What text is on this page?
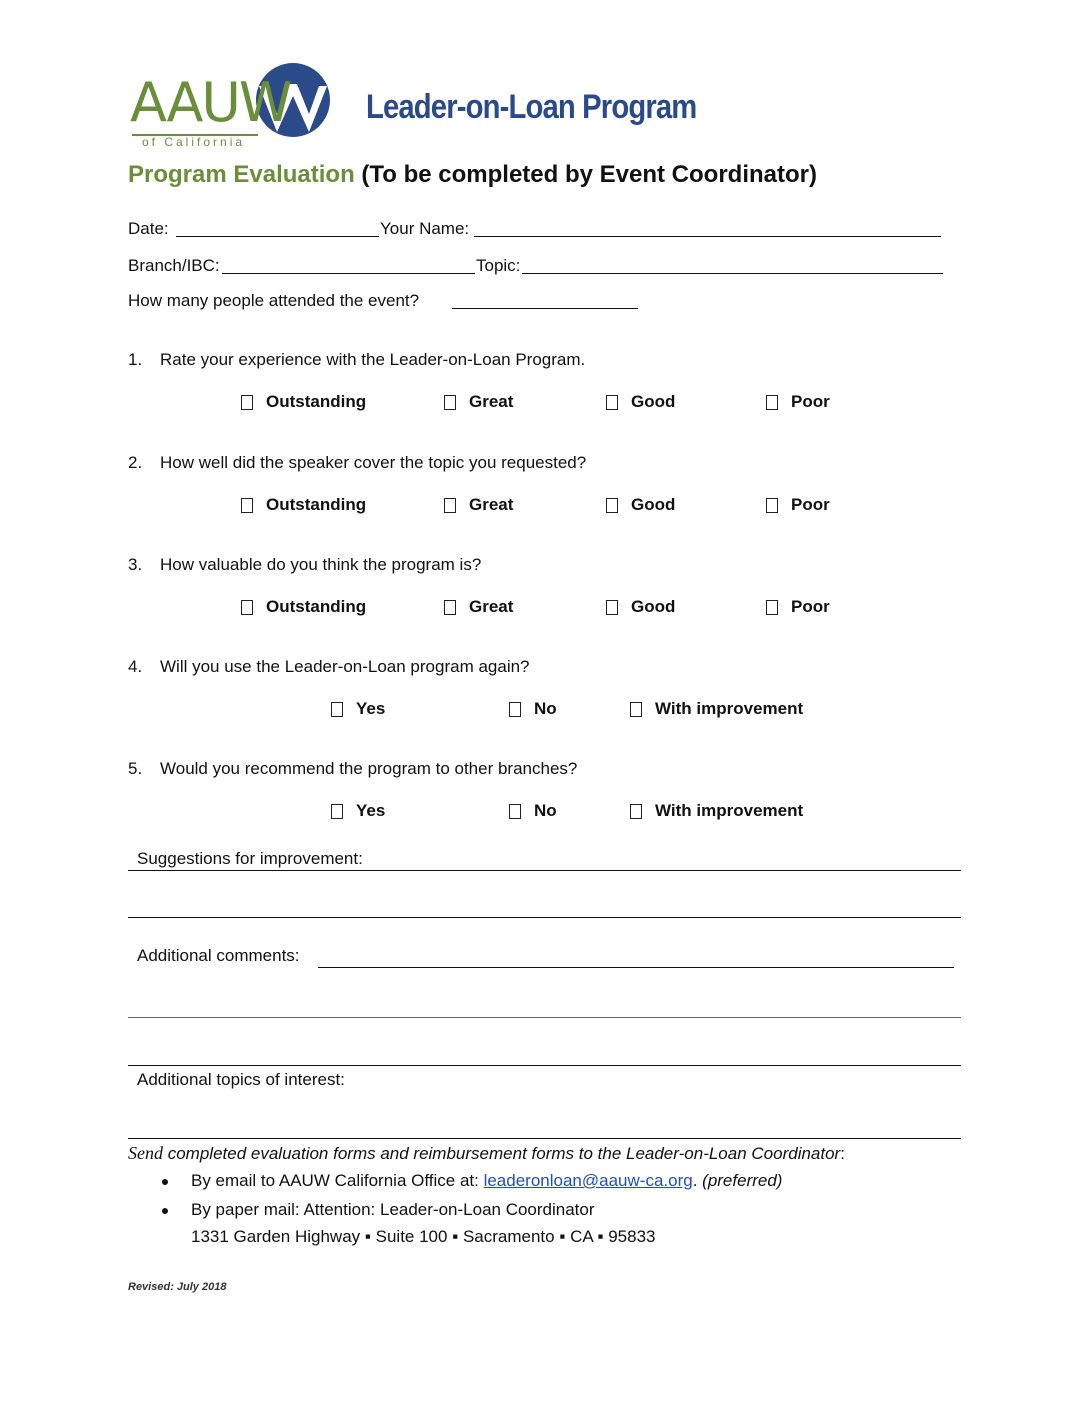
AAUW
of California
Leader-on-Loan Program
Program Evaluation (To be completed by Event Coordinator)
Date:	Your Name:
Branch/IBC:	Topic:
How many people attended the event?
1. Rate your experience with the Leader-on-Loan Program.
Outstanding	Great	Good	Poor
2. How well did the speaker cover the topic you requested?
Outstanding	Great	Good	Poor
3. How valuable do you think the program is?
Outstanding	Great	Good	Poor
4. Will you use the Leader-on-Loan program again?
Yes	No	With improvement
5. Would you recommend the program to other branches?
Yes	No	With improvement
Suggestions for improvement:
Additional comments:
Additional topics of interest:
Send completed evaluation forms and reimbursement forms to the Leader-on-Loan Coordinator:
By email to AAUW California Office at: leaderonloan@aauw-ca.org. (preferred)
By paper mail: Attention: Leader-on-Loan Coordinator
1331 Garden Highway ▪ Suite 100 ▪ Sacramento ▪ CA ▪ 95833
Revised: July 2018
